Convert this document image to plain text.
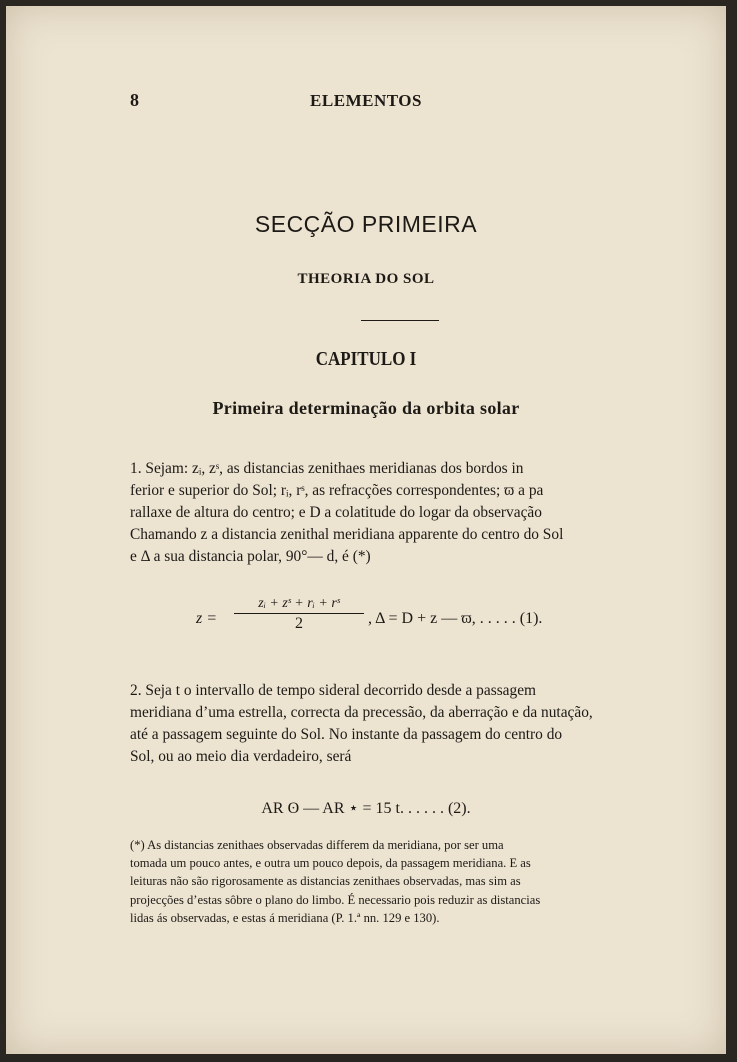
8	ELEMENTOS
SECÇÃO PRIMEIRA
THEORIA DO SOL
CAPITULO I
Primeira determinação da orbita solar
1. Sejam: zᵢ, zˢ, as distancias zenithaes meridianas dos bordos in
ferior e superior do Sol; rᵢ, rˢ, as refracções correspondentes; ϖ a pa
rallaxe de altura do centro; e D a colatitude do logar da observação
Chamando z a distancia zenithal meridiana apparente do centro do Sol
e Δ a sua distancia polar, 90°— d, é (*)
z =
zᵢ + zˢ + rᵢ + rˢ
2	, Δ = D + z — ϖ, . . . . . (1).
2. Seja t o intervallo de tempo sideral decorrido desde a passagem
meridiana d’uma estrella, correcta da precessão, da aberração e da nutação,
até a passagem seguinte do Sol. No instante da passagem do centro do
Sol, ou ao meio dia verdadeiro, será
AR ʘ — AR ⋆ = 15 t. . . . . . (2).
(*) As distancias zenithaes observadas differem da meridiana, por ser uma
tomada um pouco antes, e outra um pouco depois, da passagem meridiana. E as
leituras não são rigorosamente as distancias zenithaes observadas, mas sim as
projecções d’estas sôbre o plano do limbo. É necessario pois reduzir as distancias
lidas ás observadas, e estas á meridiana (P. 1.ª nn. 129 e 130).
